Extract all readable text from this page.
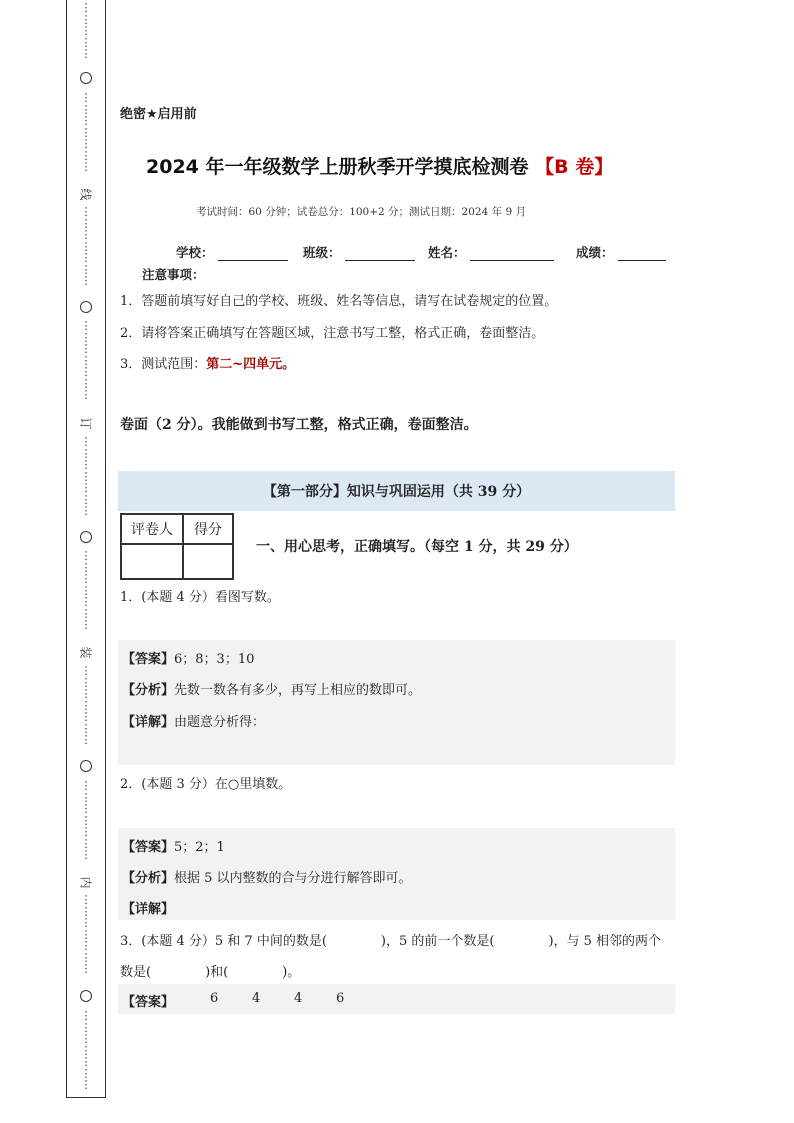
⋮
⋮
⋮
⋮
⋮
⋮
⋮
⋮
⋮
⋮
⋮
⋮
线
⋮
⋮
⋮
⋮
⋮
⋮
⋮
⋮
⋮
⋮
⋮
⋮
⋮
⋮
订
⋮
⋮
⋮
⋮
⋮
⋮
⋮
⋮
⋮
⋮
⋮
⋮
⋮
⋮
装
⋮
⋮
⋮
⋮
⋮
⋮
⋮
⋮
⋮
⋮
⋮
⋮
⋮
⋮
内
⋮
⋮
⋮
⋮
⋮
⋮
⋮
⋮
⋮
⋮
⋮
⋮
⋮
⋮
绝密★启用前
2024 年一年级数学上册秋季开学摸底检测卷 【B 卷】
考试时间：60 分钟；试卷总分：100+2 分；测试日期：2024 年 9 月
学校：	班级：	姓名：	成绩：
注意事项：
1．答题前填写好自己的学校、班级、姓名等信息，请写在试卷规定的位置。
2．请将答案正确填写在答题区域，注意书写工整，格式正确，卷面整洁。
3．测试范围：第二~四单元。
卷面（2 分）。我能做到书写工整，格式正确，卷面整洁。
【第一部分】知识与巩固运用（共 39 分）
评卷人	得分

一、用心思考，正确填写。（每空 1 分，共 29 分）
1．(本题 4 分）看图写数。
【答案】6；8；3；10
【分析】先数一数各有多少，再写上相应的数即可。
【详解】由题意分析得：
2．(本题 3 分）在○里填数。
【答案】5；2；1
【分析】根据 5 以内整数的合与分进行解答即可。
【详解】
3．(本题 4 分）5 和 7 中间的数是(	)，5 的前一个数是(	)，与 5 相邻的两个
数是(	)和(	)。
【答案】	6	4	4	6
